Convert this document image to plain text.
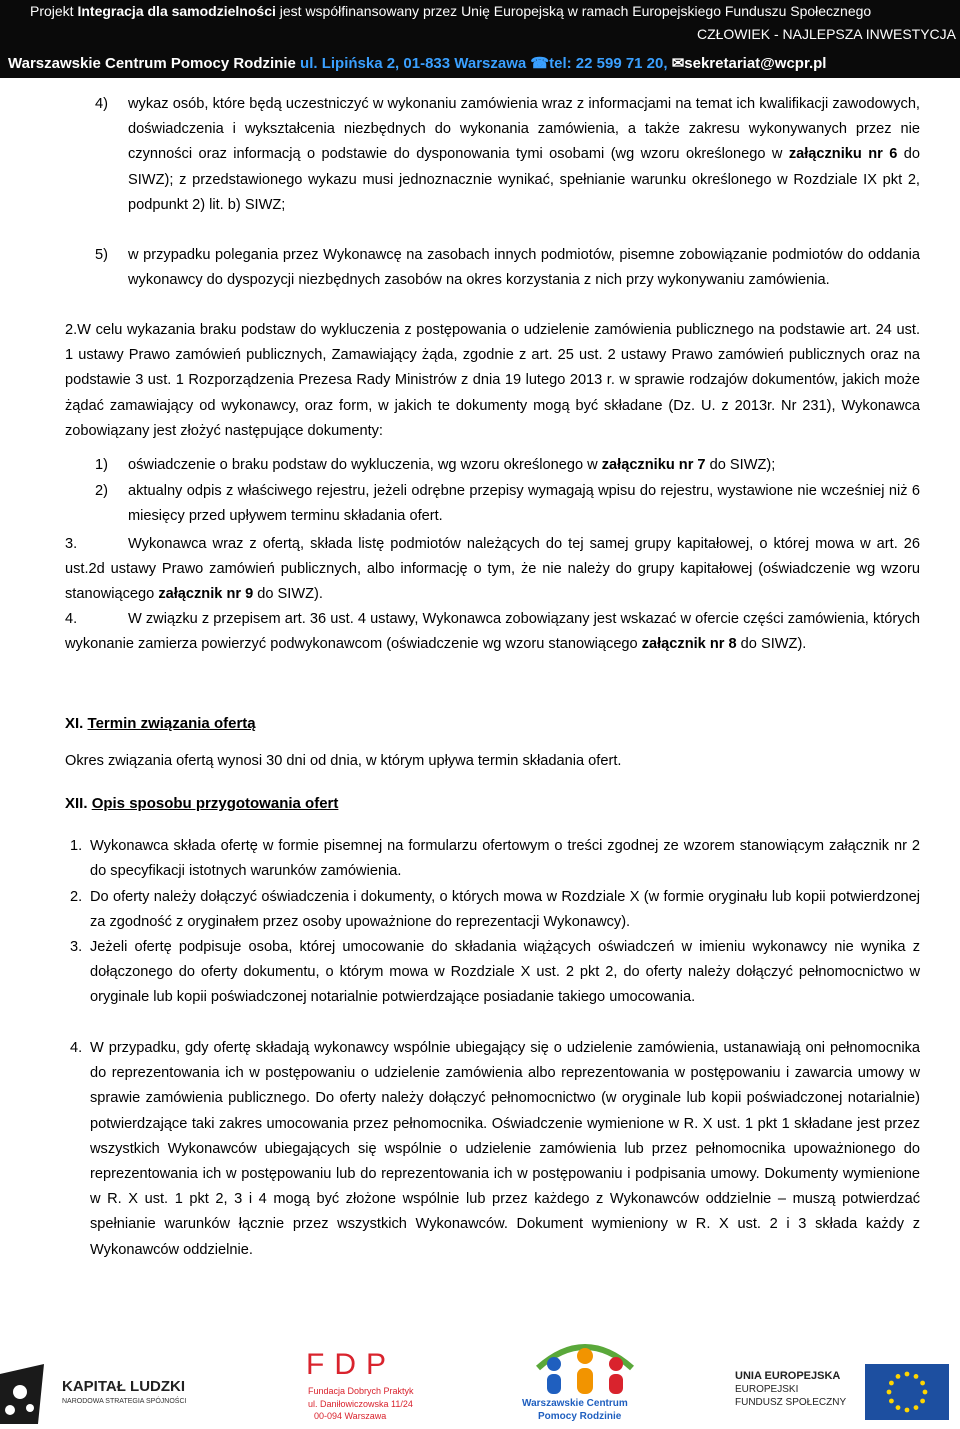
Projekt Integracja dla samodzielności jest współfinansowany przez Unię Europejską w ramach Europejskiego Funduszu Społecznego
CZŁOWIEK - NAJLEPSZA INWESTYCJA
Warszawskie Centrum Pomocy Rodzinie ul. Lipińska 2, 01-833 Warszawa ☎tel: 22 599 71 20, ✉sekretariat@wcpr.pl
4) wykaz osób, które będą uczestniczyć w wykonaniu zamówienia wraz z informacjami na temat ich kwalifikacji zawodowych, doświadczenia i wykształcenia niezbędnych do wykonania zamówienia, a także zakresu wykonywanych przez nie czynności oraz informacją o podstawie do dysponowania tymi osobami (wg wzoru określonego w załączniku nr 6 do SIWZ); z przedstawionego wykazu musi jednoznacznie wynikać, spełnianie warunku określonego w Rozdziale IX pkt 2, podpunkt 2) lit. b) SIWZ;
5) w przypadku polegania przez Wykonawcę na zasobach innych podmiotów, pisemne zobowiązanie podmiotów do oddania wykonawcy do dyspozycji niezbędnych zasobów na okres korzystania z nich przy wykonywaniu zamówienia.
2.W celu wykazania braku podstaw do wykluczenia z postępowania o udzielenie zamówienia publicznego na podstawie art. 24 ust. 1 ustawy Prawo zamówień publicznych, Zamawiający żąda, zgodnie z art. 25 ust. 2 ustawy Prawo zamówień publicznych oraz na podstawie 3 ust. 1 Rozporządzenia Prezesa Rady Ministrów z dnia 19 lutego 2013 r. w sprawie rodzajów dokumentów, jakich może żądać zamawiający od wykonawcy, oraz form, w jakich te dokumenty mogą być składane (Dz. U. z 2013r. Nr 231), Wykonawca zobowiązany jest złożyć następujące dokumenty:
1) oświadczenie o braku podstaw do wykluczenia, wg wzoru określonego w załączniku nr 7 do SIWZ);
2) aktualny odpis z właściwego rejestru, jeżeli odrębne przepisy wymagają wpisu do rejestru, wystawione nie wcześniej niż 6 miesięcy przed upływem terminu składania ofert.
3.	Wykonawca wraz z ofertą, składa listę podmiotów należących do tej samej grupy kapitałowej, o której mowa w art. 26 ust.2d ustawy Prawo zamówień publicznych, albo informację o tym, że nie należy do grupy kapitałowej (oświadczenie wg wzoru stanowiącego załącznik nr 9 do SIWZ).
4.	W związku z przepisem art. 36 ust. 4 ustawy, Wykonawca zobowiązany jest wskazać w ofercie części zamówienia, których wykonanie zamierza powierzyć podwykonawcom (oświadczenie wg wzoru stanowiącego załącznik nr 8 do SIWZ).
XI. Termin związania ofertą
Okres związania ofertą wynosi 30 dni od dnia, w którym upływa termin składania ofert.
XII. Opis sposobu przygotowania ofert
1. Wykonawca składa ofertę w formie pisemnej na formularzu ofertowym o treści zgodnej ze wzorem stanowiącym załącznik nr 2 do specyfikacji istotnych warunków zamówienia.
2. Do oferty należy dołączyć oświadczenia i dokumenty, o których mowa w Rozdziale X (w formie oryginału lub kopii potwierdzonej za zgodność z oryginałem przez osoby upoważnione do reprezentacji Wykonawcy).
3. Jeżeli ofertę podpisuje osoba, której umocowanie do składania wiążących oświadczeń w imieniu wykonawcy nie wynika z dołączonego do oferty dokumentu, o którym mowa w Rozdziale X ust. 2 pkt 2, do oferty należy dołączyć pełnomocnictwo w oryginale lub kopii poświadczonej notarialnie potwierdzające posiadanie takiego umocowania.
4. W przypadku, gdy ofertę składają wykonawcy wspólnie ubiegający się o udzielenie zamówienia, ustanawiają oni pełnomocnika do reprezentowania ich w postępowaniu o udzielenie zamówienia albo reprezentowania w postępowaniu i zawarcia umowy w sprawie zamówienia publicznego. Do oferty należy dołączyć pełnomocnictwo (w oryginale lub kopii poświadczonej notarialnie) potwierdzające taki zakres umocowania przez pełnomocnika. Oświadczenie wymienione w R. X ust. 1 pkt 1 składane jest przez wszystkich Wykonawców ubiegających się wspólnie o udzielenie zamówienia lub przez pełnomocnika upoważnionego do reprezentowania ich w postępowaniu lub do reprezentowania ich w postępowaniu i podpisania umowy. Dokumenty wymienione w R. X ust. 1 pkt 2, 3 i 4 mogą być złożone wspólnie lub przez każdego z Wykonawców oddzielnie – muszą potwierdzać spełnianie warunków łącznie przez wszystkich Wykonawców. Dokument wymieniony w R. X ust. 2 i 3 składa każdy z Wykonawców oddzielnie.
KAPITAŁ LUDZKI
NARODOWA STRATEGIA SPÓJNOŚCI
FDP
Fundacja Dobrych Praktyk
ul. Daniłowiczowska 11/24
00-094 Warszawa
Warszawskie Centrum
Pomocy Rodzinie
UNIA EUROPEJSKA
EUROPEJSKI
FUNDUSZ SPOŁECZNY
